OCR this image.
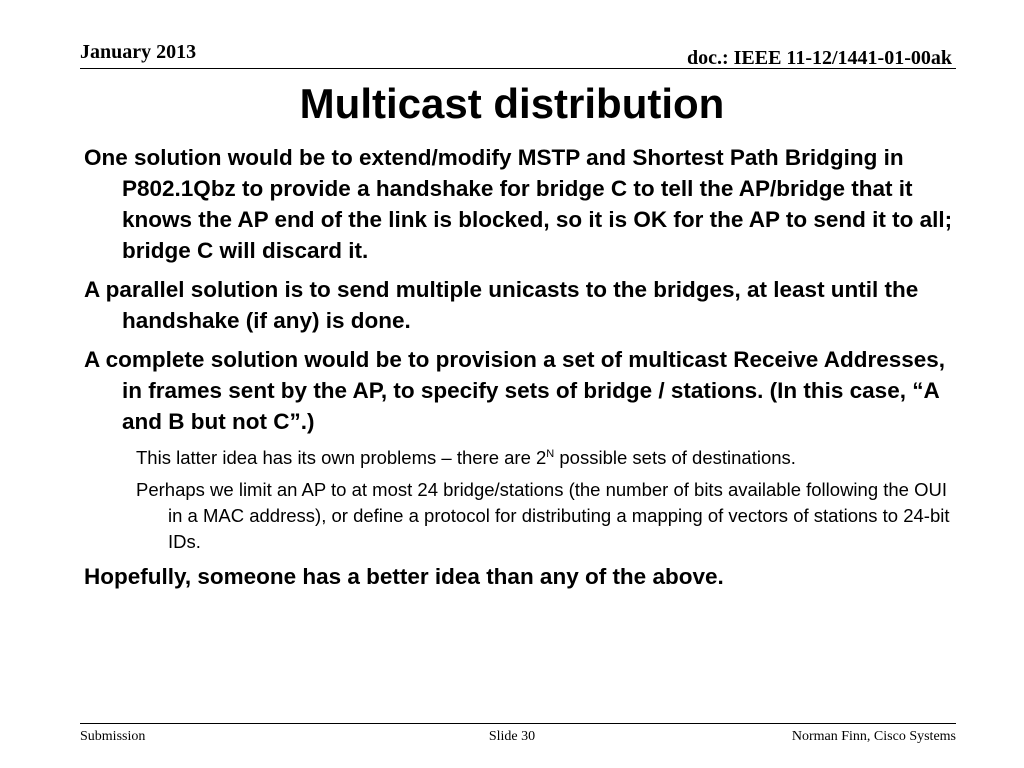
January 2013	doc.: IEEE 11-12/1441-01-00ak
Multicast distribution

One solution would be to extend/modify MSTP and Shortest Path Bridging in P802.1Qbz to provide a handshake for bridge C to tell the AP/bridge that it knows the AP end of the link is blocked, so it is OK for the AP to send it to all; bridge C will discard it.

A parallel solution is to send multiple unicasts to the bridges, at least until the handshake (if any) is done.

A complete solution would be to provision a set of multicast Receive Addresses, in frames sent by the AP, to specify sets of bridge / stations. (In this case, “A and B but not C”.)

This latter idea has its own problems – there are $2^N$ possible sets of destinations.

Perhaps we limit an AP to at most 24 bridge/stations (the number of bits available following the OUI in a MAC address), or define a protocol for distributing a mapping of vectors of stations to 24-bit IDs.

Hopefully, someone has a better idea than any of the above.

Submission	Slide 30	Norman Finn, Cisco Systems
